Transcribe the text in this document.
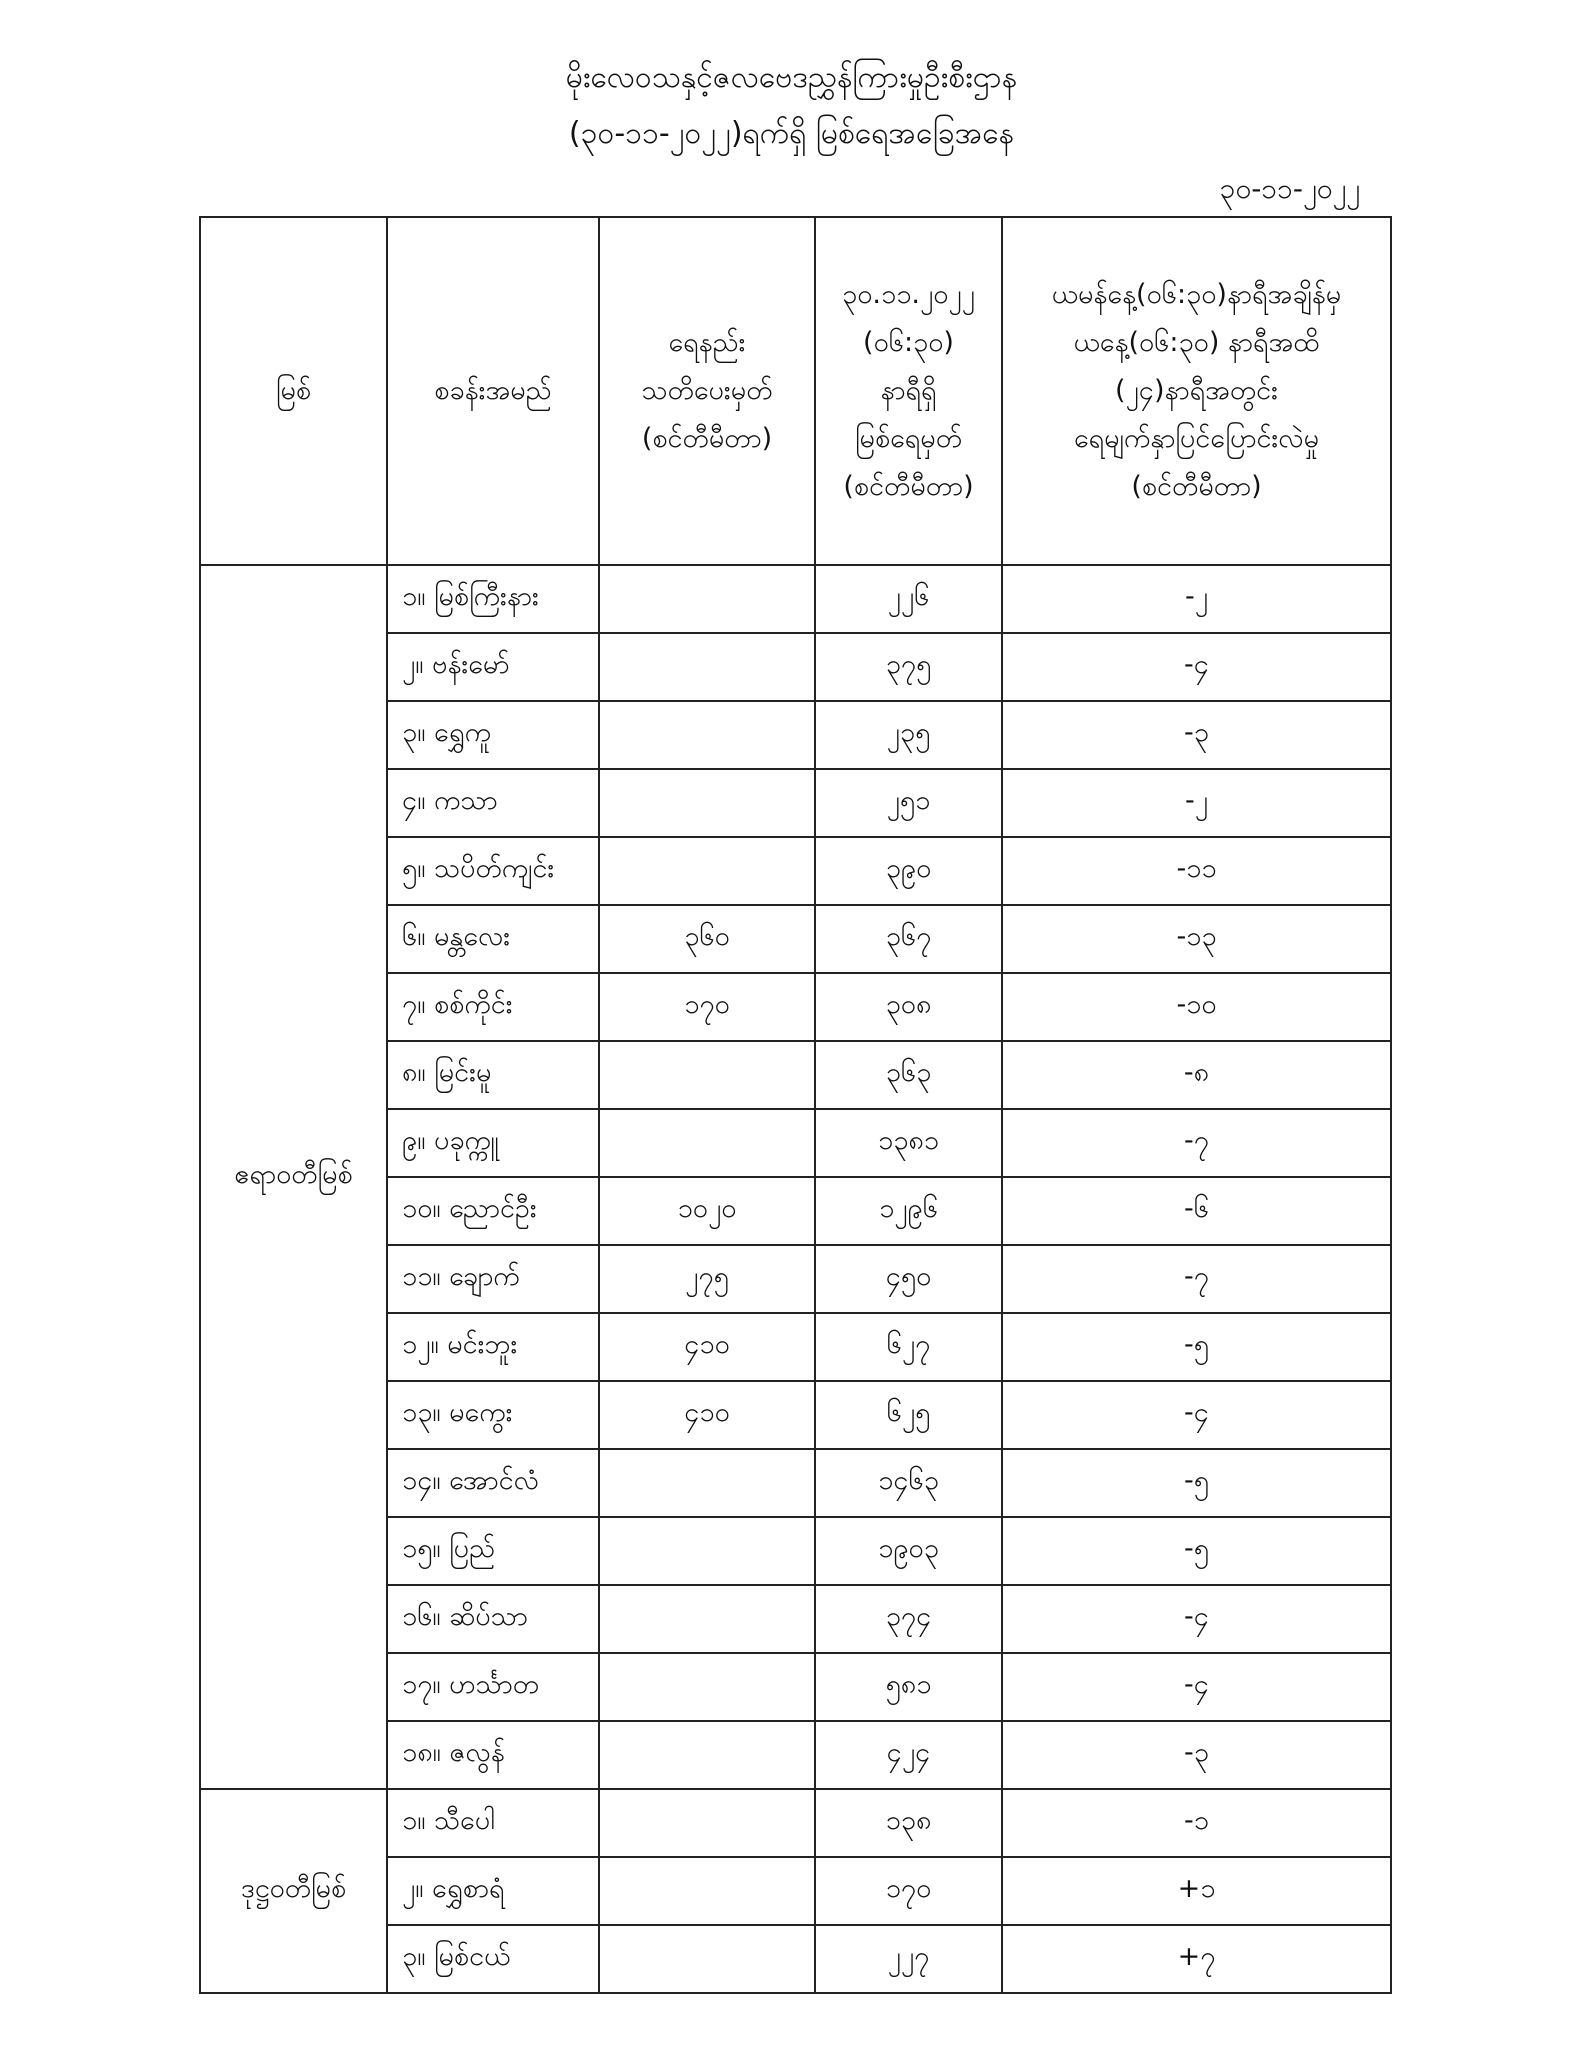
မိုးလေဝသနှင့်ဇလဗေဒညွှန်ကြားမှုဦးစီးဌာန
(၃၀-၁၁-၂၀၂၂)ရက်ရှိ မြစ်ရေအခြေအနေ
၃၀-၁၁-၂၀၂၂
မြစ်	စခန်းအမည်	ရေနည်း
သတိပေးမှတ်
(စင်တီမီတာ)	၃၀.၁၁.၂၀၂၂
(၀၆:၃၀)
နာရီရှိ
မြစ်ရေမှတ်
(စင်တီမီတာ)	ယမန်နေ့(၀၆:၃၀)နာရီအချိန်မှ
ယနေ့(၀၆:၃၀) နာရီအထိ
(၂၄)နာရီအတွင်း
ရေမျက်နှာပြင်ပြောင်းလဲမှု
(စင်တီမီတာ)

ဧရာဝတီမြစ်	၁။ မြစ်ကြီးနား		၂၂၆	-၂
	၂။ ဗန်းမော်		၃၇၅	-၄
	၃။ ရွှေကူ		၂၃၅	-၃
	၄။ ကသာ		၂၅၁	-၂
	၅။ သပိတ်ကျင်း		၃၉၀	-၁၁
	၆။ မန္တလေး	၃၆၀	၃၆၇	-၁၃
	၇။ စစ်ကိုင်း	၁၇၀	၃၀၈	-၁၀
	၈။ မြင်းမူ		၃၆၃	-၈
	၉။ ပခုက္ကူ		၁၃၈၁	-၇
	၁၀။ ညောင်ဦး	၁၀၂၀	၁၂၉၆	-၆
	၁၁။ ချောက်	၂၇၅	၄၅၀	-၇
	၁၂။ မင်းဘူး	၄၁၀	၆၂၇	-၅
	၁၃။ မကွေး	၄၁၀	၆၂၅	-၄
	၁၄။ အောင်လံ		၁၄၆၃	-၅
	၁၅။ ပြည်		၁၉၀၃	-၅
	၁၆။ ဆိပ်သာ		၃၇၄	-၄
	၁၇။ ဟင်္သာတ		၅၈၁	-၄
	၁၈။ ဇလွန်		၄၂၄	-၃
ဒုဋ္ဌဝတီမြစ်	၁။ သီပေါ		၁၃၈	-၁
	၂။ ရွှေစာရံ		၁၇၀	+၁
	၃။ မြစ်ငယ်		၂၂၇	+၇
